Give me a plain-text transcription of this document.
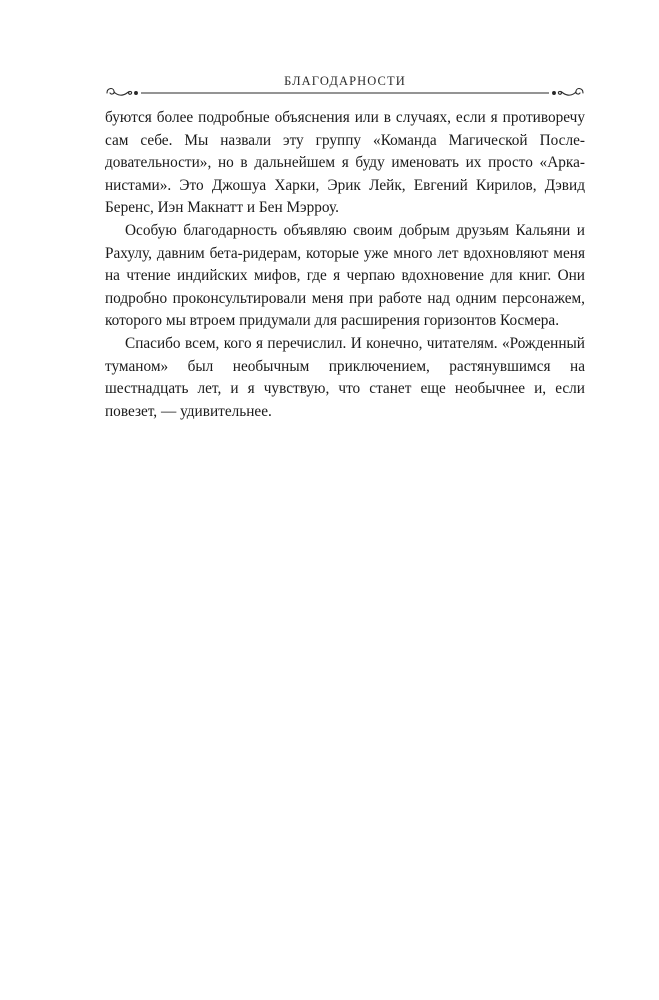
БЛАГОДАРНОСТИ

буются более подробные объяснения или в случаях, если я противоречу сам себе. Мы назвали эту группу «Команда Магической Последовательности», но в дальнейшем я буду именовать их просто «Арканистами». Это Джошуа Харки, Эрик Лейк, Евгений Кирилов, Дэвид Беренс, Иэн Макнатт и Бен Мэрроу.

Особую благодарность объявляю своим добрым друзьям Кальяни и Рахулу, давним бета-ридерам, которые уже много лет вдохновляют меня на чтение индийских мифов, где я черпаю вдохновение для книг. Они подробно проконсультировали меня при работе над одним персонажем, которого мы втроем придумали для расширения горизонтов Космера.

Спасибо всем, кого я перечислил. И конечно, читателям. «Рожденный туманом» был необычным приключением, растянувшимся на шестнадцать лет, и я чувствую, что станет еще необычнее и, если повезет, — удивительнее.
